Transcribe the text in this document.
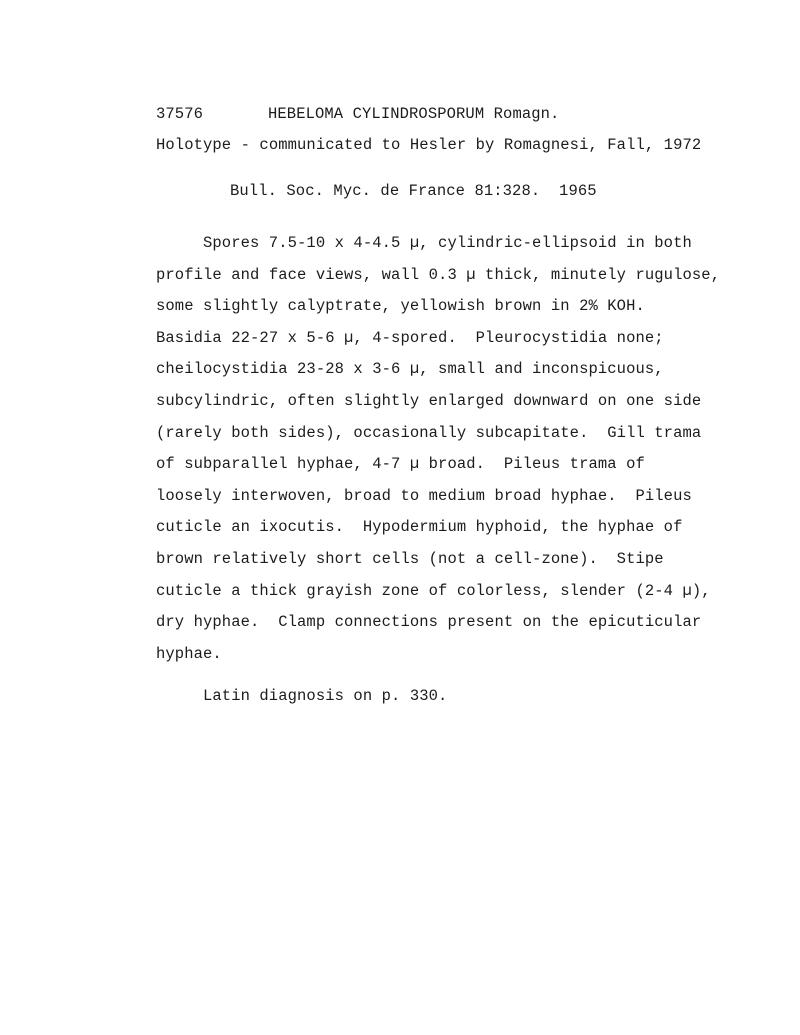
37576	HEBELOMA CYLINDROSPORUM Romagn.
Holotype - communicated to Hesler by Romagnesi, Fall, 1972
Bull. Soc. Myc. de France 81:328.  1965
Spores 7.5-10 x 4-4.5 µ, cylindric-ellipsoid in both
profile and face views, wall 0.3 µ thick, minutely rugulose,
some slightly calyptrate, yellowish brown in 2% KOH.
Basidia 22-27 x 5-6 µ, 4-spored.  Pleurocystidia none;
cheilocystidia 23-28 x 3-6 µ, small and inconspicuous,
subcylindric, often slightly enlarged downward on one side
(rarely both sides), occasionally subcapitate.  Gill trama
of subparallel hyphae, 4-7 µ broad.  Pileus trama of
loosely interwoven, broad to medium broad hyphae.  Pileus
cuticle an ixocutis.  Hypodermium hyphoid, the hyphae of
brown relatively short cells (not a cell-zone).  Stipe
cuticle a thick grayish zone of colorless, slender (2-4 µ),
dry hyphae.  Clamp connections present on the epicuticular
hyphae.
Latin diagnosis on p. 330.
